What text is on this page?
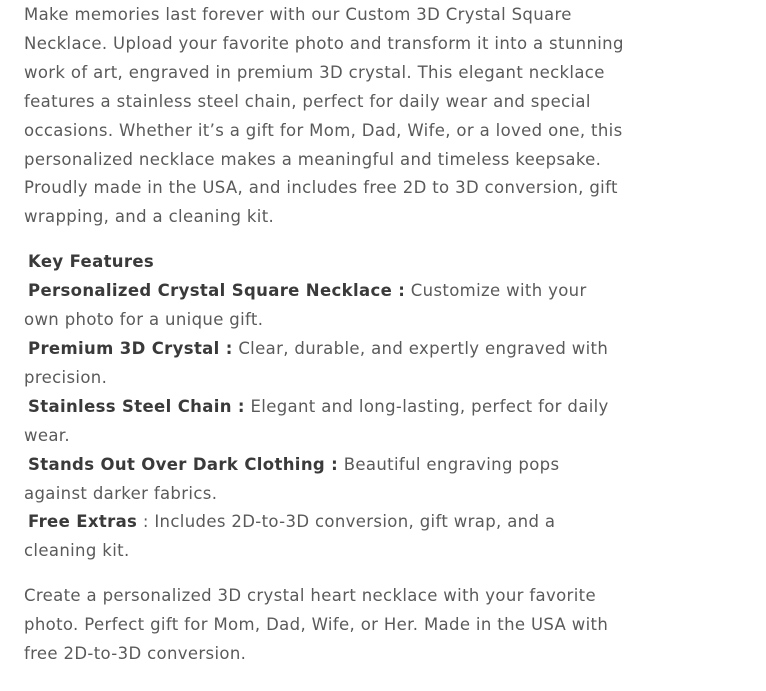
Make memories last forever with our Custom 3D Crystal Square Necklace. Upload your favorite photo and transform it into a stunning work of art, engraved in premium 3D crystal. This elegant necklace features a stainless steel chain, perfect for daily wear and special occasions. Whether it’s a gift for Mom, Dad, Wife, or a loved one, this personalized necklace makes a meaningful and timeless keepsake. Proudly made in the USA, and includes free 2D to 3D conversion, gift wrapping, and a cleaning kit.

Key Features
Personalized Crystal Square Necklace : Customize with your own photo for a unique gift.
Premium 3D Crystal : Clear, durable, and expertly engraved with precision.
Stainless Steel Chain : Elegant and long-lasting, perfect for daily wear.
Stands Out Over Dark Clothing : Beautiful engraving pops against darker fabrics.
Free Extras : Includes 2D-to-3D conversion, gift wrap, and a cleaning kit.

Create a personalized 3D crystal heart necklace with your favorite photo. Perfect gift for Mom, Dad, Wife, or Her. Made in the USA with free 2D-to-3D conversion.
